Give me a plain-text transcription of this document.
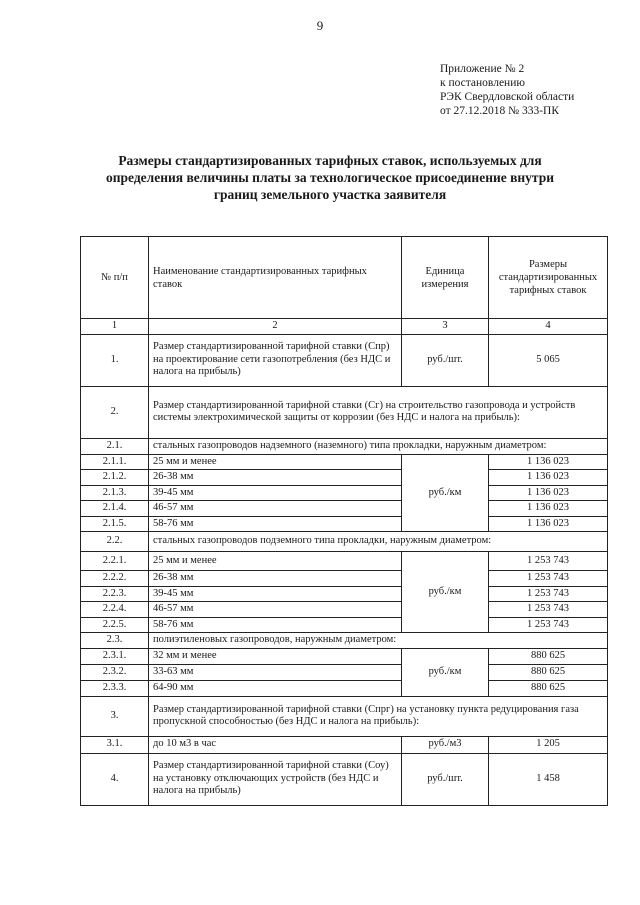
9
Приложение № 2
к постановлению
РЭК Свердловской области
от 27.12.2018 № 333-ПК
Размеры стандартизированных тарифных ставок, используемых для определения величины платы за технологическое присоединение внутри границ земельного участка заявителя
№ п/п	Наименование стандартизированных тарифных ставок	Единица измерения	Размеры стандартизированных тарифных ставок
1	2	3	4
1.	Размер стандартизированной тарифной ставки (Спр) на проектирование сети газопотребления (без НДС и налога на прибыль)	руб./шт.	5 065
2.	Размер стандартизированной тарифной ставки (Сг) на строительство газопровода и устройств системы электрохимической защиты от коррозии (без НДС и налога на прибыль):		
2.1.	стальных газопроводов надземного (наземного) типа прокладки, наружным диаметром:		
2.1.1.	25 мм и менее	руб./км	1 136 023
2.1.2.	26-38 мм		1 136 023
2.1.3.	39-45 мм		1 136 023
2.1.4.	46-57 мм		1 136 023
2.1.5.	58-76 мм		1 136 023
2.2.	стальных газопроводов подземного типа прокладки, наружным диаметром:		
2.2.1.	25 мм и менее	руб./км	1 253 743
2.2.2.	26-38 мм		1 253 743
2.2.3.	39-45 мм		1 253 743
2.2.4.	46-57 мм		1 253 743
2.2.5.	58-76 мм		1 253 743
2.3.	полиэтиленовых газопроводов, наружным диаметром:		
2.3.1.	32 мм и менее	руб./км	880 625
2.3.2.	33-63 мм		880 625
2.3.3.	64-90 мм		880 625
3.	Размер стандартизированной тарифной ставки (Спрг) на установку пункта редуцирования газа пропускной способностью (без НДС и налога на прибыль):		
3.1.	до 10 м3 в час	руб./м3	1 205
4.	Размер стандартизированной тарифной ставки (Соу) на установку отключающих устройств (без НДС и налога на прибыль)	руб./шт.	1 458
